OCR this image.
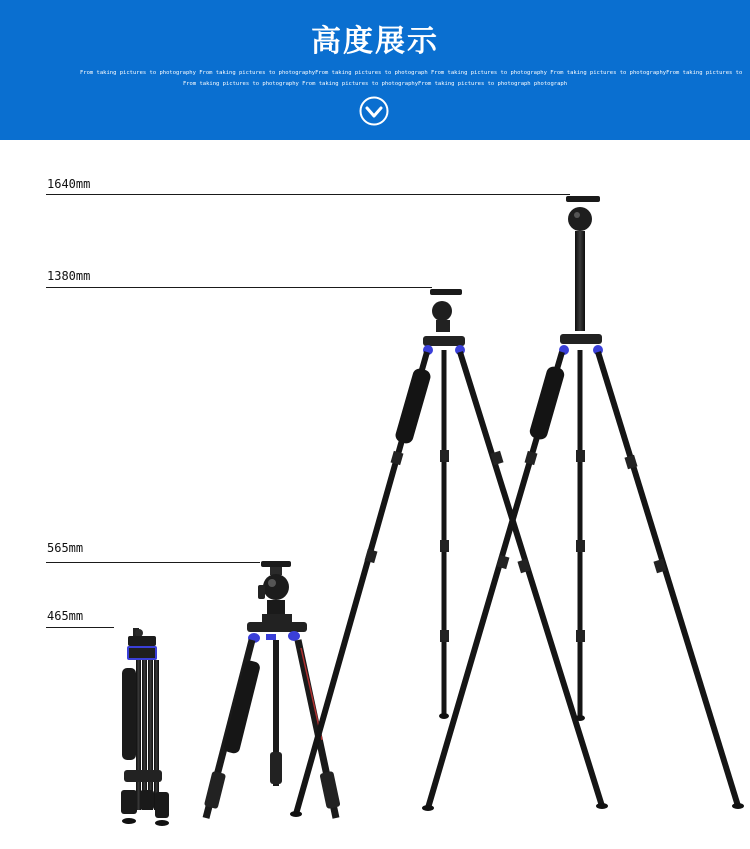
高度展示
From taking pictures to photography From taking pictures to photographyFrom taking pictures to photograph From taking pictures to photography From taking pictures to photographyFrom taking pictures to
From taking pictures to photography From taking pictures to photographyFrom taking pictures to photograph photograph
1640mm
1380mm
565mm
465mm
